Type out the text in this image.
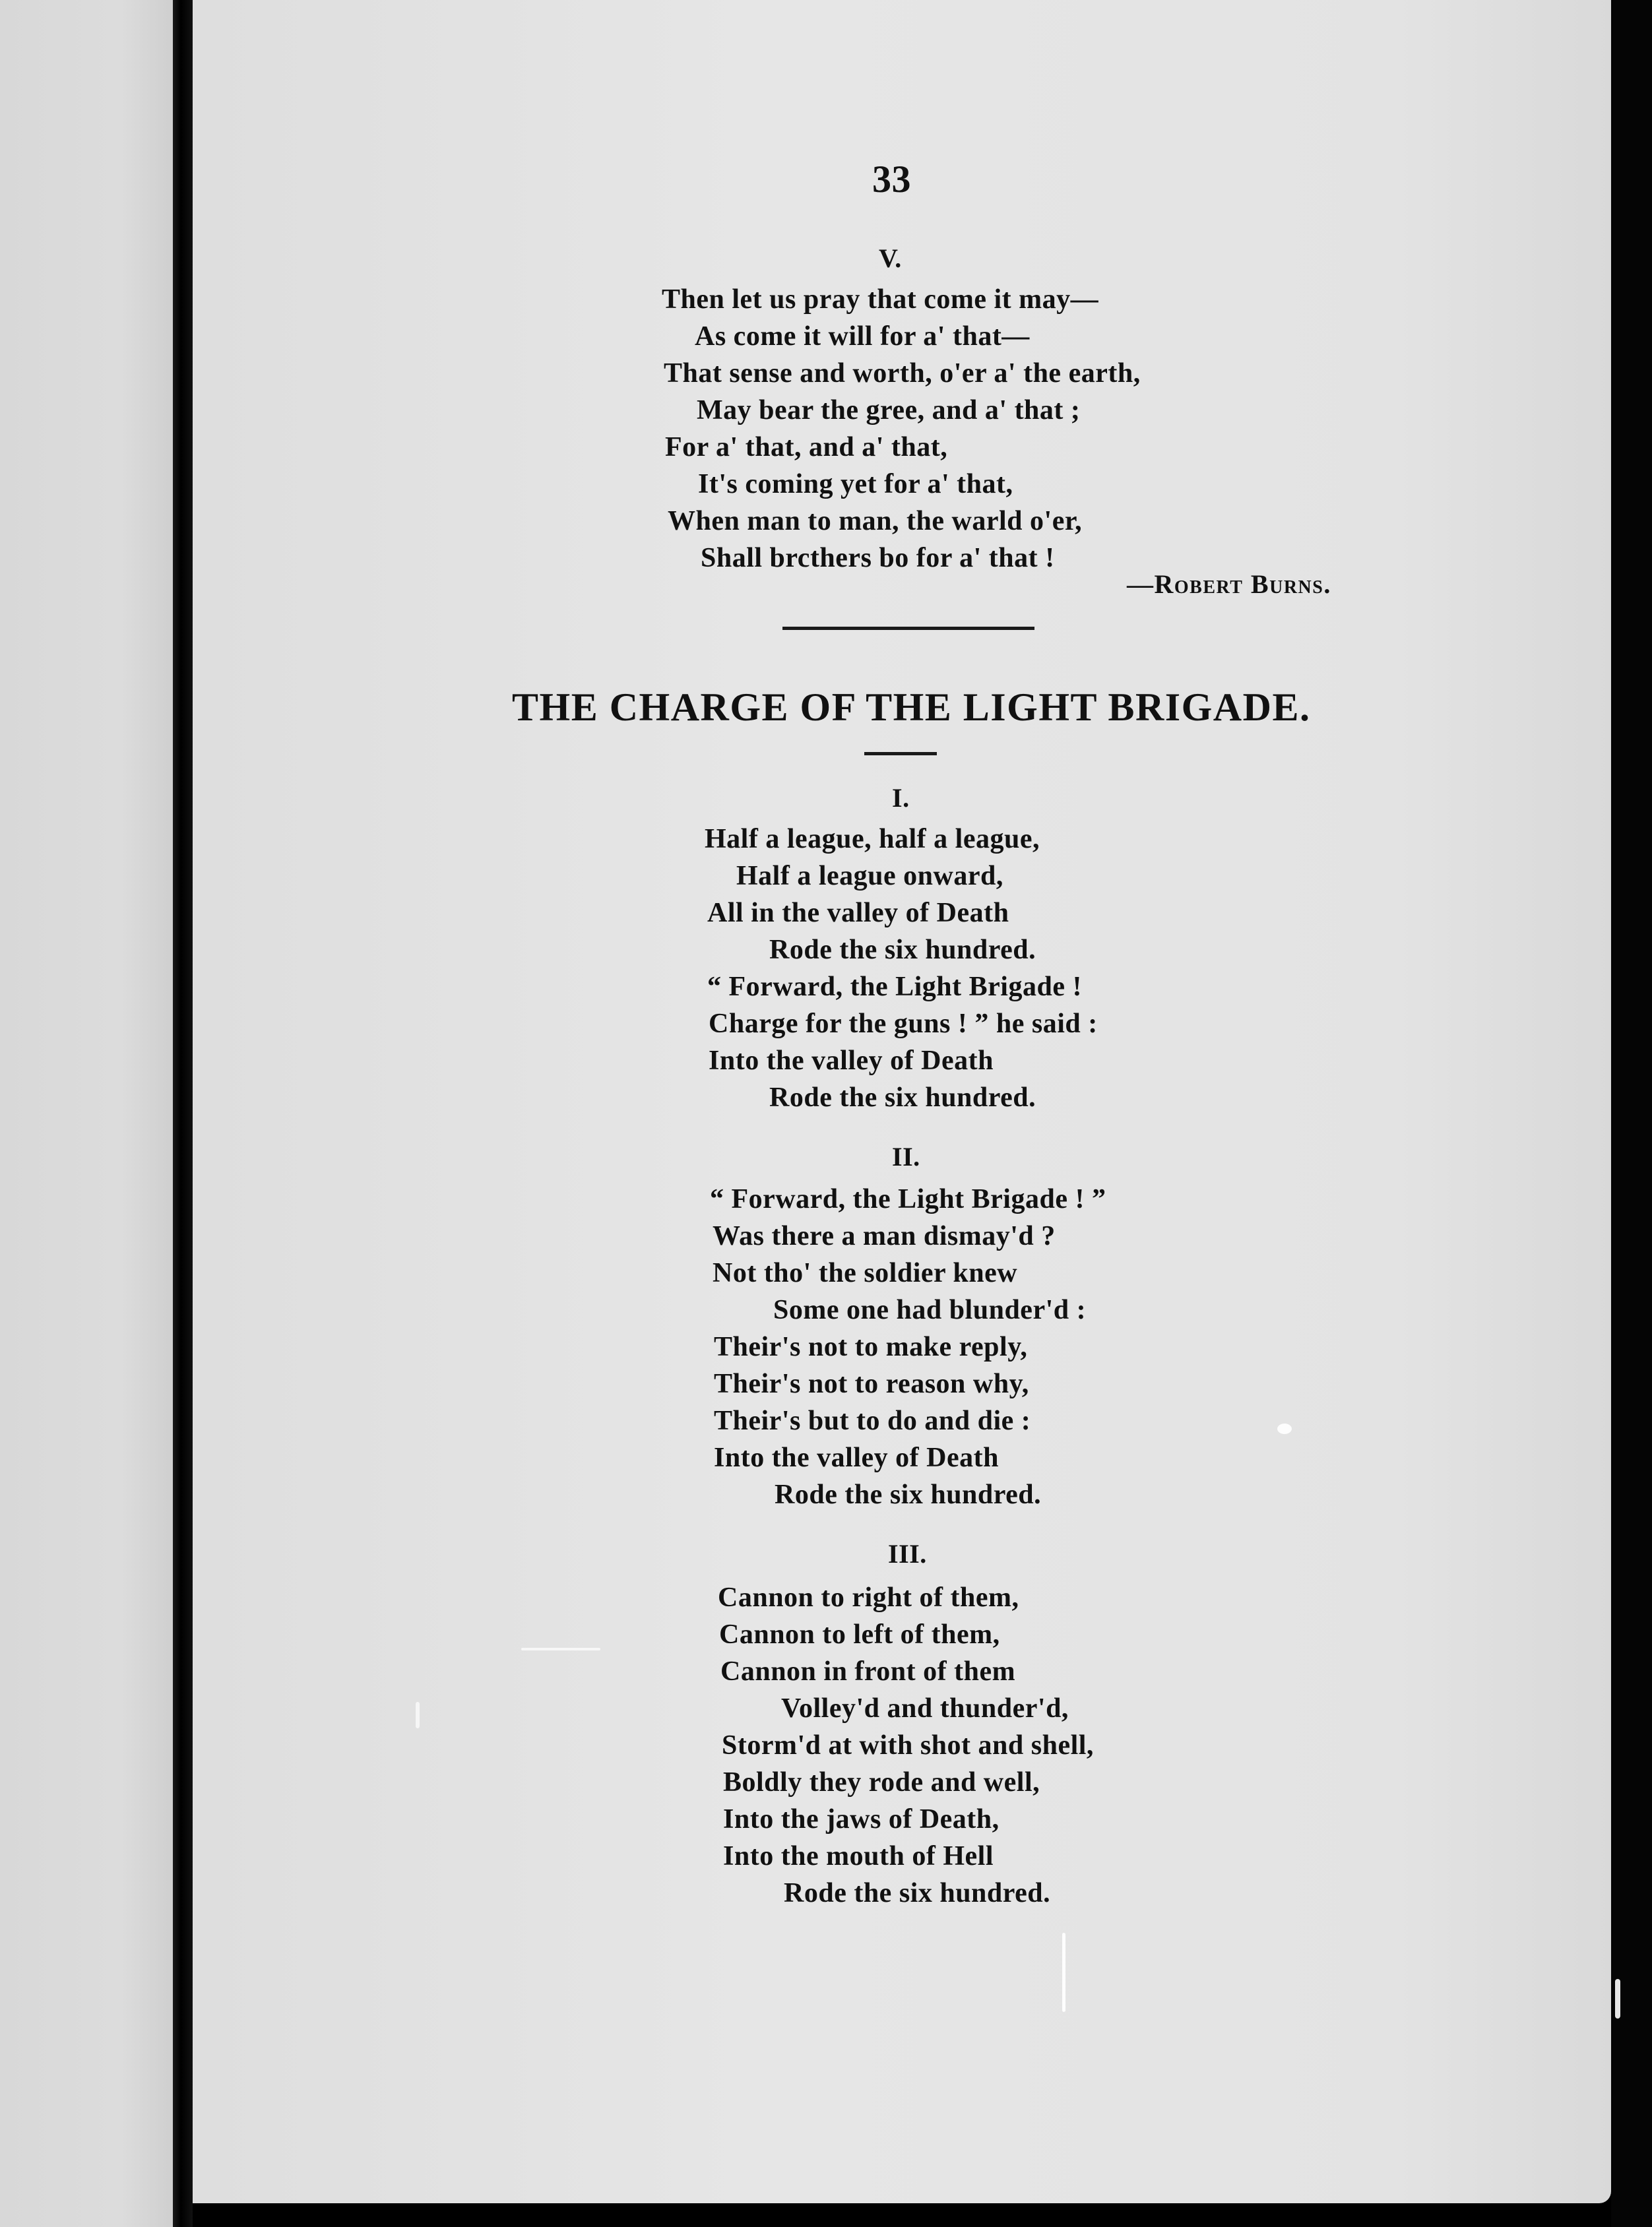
33
V.
Then let us pray that come it may—
As come it will for a' that—
That sense and worth, o'er a' the earth,
May bear the gree, and a' that ;
For a' that, and a' that,
It's coming yet for a' that,
When man to man, the warld o'er,
Shall brcthers bo for a' that !
—Robert Burns.
THE CHARGE OF THE LIGHT BRIGADE.
I.
Half a league, half a league,
Half a league onward,
All in the valley of Death
Rode the six hundred.
“ Forward, the Light Brigade !
Charge for the guns ! ” he said :
Into the valley of Death
Rode the six hundred.
II.
“ Forward, the Light Brigade ! ”
Was there a man dismay'd ?
Not tho' the soldier knew
Some one had blunder'd :
Their's not to make reply,
Their's not to reason why,
Their's but to do and die :
Into the valley of Death
Rode the six hundred.
III.
Cannon to right of them,
Cannon to left of them,
Cannon in front of them
Volley'd and thunder'd,
Storm'd at with shot and shell,
Boldly they rode and well,
Into the jaws of Death,
Into the mouth of Hell
Rode the six hundred.
